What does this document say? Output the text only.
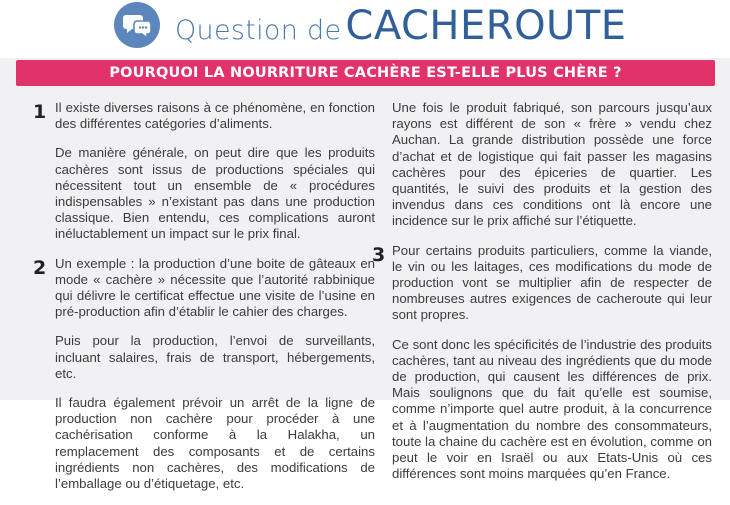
Question de CACHEROUTE
POURQUOI LA NOURRITURE CACHÈRE EST-ELLE PLUS CHÈRE ?
1 Il existe diverses raisons à ce phénomène, en fonction des différentes catégories d’aliments.

De manière générale, on peut dire que les produits cachères sont issus de productions spéciales qui nécessitent tout un ensemble de « procédures indispensables » n’existant pas dans une production classique. Bien entendu, ces complications auront inéluctablement un impact sur le prix final.

2 Un exemple : la production d’une boite de gâteaux en mode « cachère » nécessite que l’autorité rabbinique qui délivre le certificat effectue une visite de l’usine en pré-production afin d’établir le cahier des charges.

Puis pour la production, l’envoi de surveillants, incluant salaires, frais de transport, hébergements, etc.

Il faudra également prévoir un arrêt de la ligne de production non cachère pour procéder à une cachérisation conforme à la Halakha, un remplacement des composants et de certains ingrédients non cachères, des modifications de l’emballage ou d’étiquetage, etc.

Une fois le produit fabriqué, son parcours jusqu’aux rayons est différent de son « frère » vendu chez Auchan. La grande distribution possède une force d’achat et de logistique qui fait passer les magasins cachères pour des épiceries de quartier. Les quantités, le suivi des produits et la gestion des invendus dans ces conditions ont là encore une incidence sur le prix affiché sur l’étiquette.

3 Pour certains produits particuliers, comme la viande, le vin ou les laitages, ces modifications du mode de production vont se multiplier afin de respecter de nombreuses autres exigences de cacheroute qui leur sont propres.

Ce sont donc les spécificités de l’industrie des produits cachères, tant au niveau des ingrédients que du mode de production, qui causent les différences de prix. Mais soulignons que du fait qu’elle est soumise, comme n’importe quel autre produit, à la concurrence et à l’augmentation du nombre des consommateurs, toute la chaine du cachère est en évolution, comme on peut le voir en Israël ou aux Etats-Unis où ces différences sont moins marquées qu’en France.
